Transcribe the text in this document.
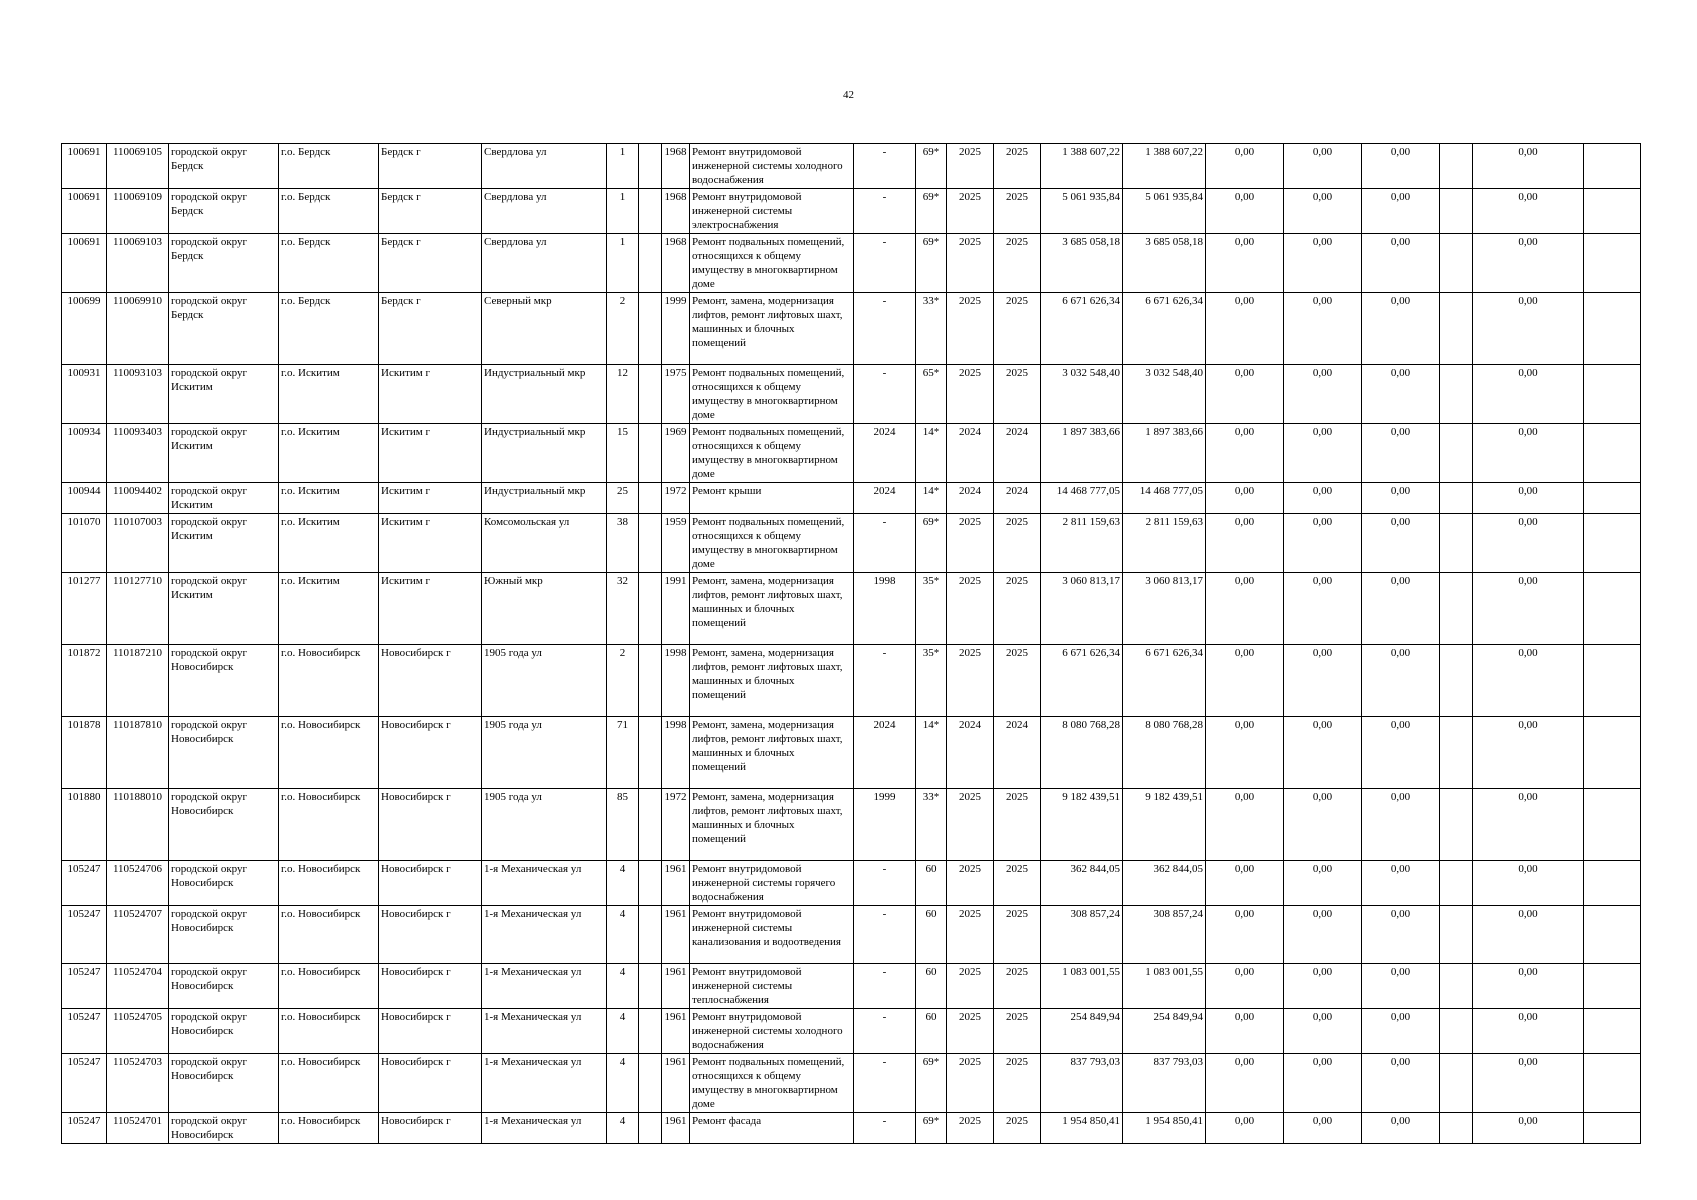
42
100691	110069105	городской округ Бердск	г.о. Бердск	Бердск г	Свердлова ул	1		1968	Ремонт внутридомовой инженерной системы холодного водоснабжения	-	69*	2025	2025	1 388 607,22	1 388 607,22	0,00	0,00	0,00		0,00	
100691	110069109	городской округ Бердск	г.о. Бердск	Бердск г	Свердлова ул	1		1968	Ремонт внутридомовой инженерной системы электроснабжения	-	69*	2025	2025	5 061 935,84	5 061 935,84	0,00	0,00	0,00		0,00	
100691	110069103	городской округ Бердск	г.о. Бердск	Бердск г	Свердлова ул	1		1968	Ремонт подвальных помещений, относящихся к общему имуществу в многоквартирном доме	-	69*	2025	2025	3 685 058,18	3 685 058,18	0,00	0,00	0,00		0,00	
100699	110069910	городской округ Бердск	г.о. Бердск	Бердск г	Северный мкр	2		1999	Ремонт, замена, модернизация лифтов, ремонт лифтовых шахт, машинных и блочных помещений	-	33*	2025	2025	6 671 626,34	6 671 626,34	0,00	0,00	0,00		0,00	
100931	110093103	городской округ Искитим	г.о. Искитим	Искитим г	Индустриальный мкр	12		1975	Ремонт подвальных помещений, относящихся к общему имуществу в многоквартирном доме	-	65*	2025	2025	3 032 548,40	3 032 548,40	0,00	0,00	0,00		0,00	
100934	110093403	городской округ Искитим	г.о. Искитим	Искитим г	Индустриальный мкр	15		1969	Ремонт подвальных помещений, относящихся к общему имуществу в многоквартирном доме	2024	14*	2024	2024	1 897 383,66	1 897 383,66	0,00	0,00	0,00		0,00	
100944	110094402	городской округ Искитим	г.о. Искитим	Искитим г	Индустриальный мкр	25		1972	Ремонт крыши	2024	14*	2024	2024	14 468 777,05	14 468 777,05	0,00	0,00	0,00		0,00	
101070	110107003	городской округ Искитим	г.о. Искитим	Искитим г	Комсомольская ул	38		1959	Ремонт подвальных помещений, относящихся к общему имуществу в многоквартирном доме	-	69*	2025	2025	2 811 159,63	2 811 159,63	0,00	0,00	0,00		0,00	
101277	110127710	городской округ Искитим	г.о. Искитим	Искитим г	Южный мкр	32		1991	Ремонт, замена, модернизация лифтов, ремонт лифтовых шахт, машинных и блочных помещений	1998	35*	2025	2025	3 060 813,17	3 060 813,17	0,00	0,00	0,00		0,00	
101872	110187210	городской округ Новосибирск	г.о. Новосибирск	Новосибирск г	1905 года ул	2		1998	Ремонт, замена, модернизация лифтов, ремонт лифтовых шахт, машинных и блочных помещений	-	35*	2025	2025	6 671 626,34	6 671 626,34	0,00	0,00	0,00		0,00	
101878	110187810	городской округ Новосибирск	г.о. Новосибирск	Новосибирск г	1905 года ул	71		1998	Ремонт, замена, модернизация лифтов, ремонт лифтовых шахт, машинных и блочных помещений	2024	14*	2024	2024	8 080 768,28	8 080 768,28	0,00	0,00	0,00		0,00	
101880	110188010	городской округ Новосибирск	г.о. Новосибирск	Новосибирск г	1905 года ул	85		1972	Ремонт, замена, модернизация лифтов, ремонт лифтовых шахт, машинных и блочных помещений	1999	33*	2025	2025	9 182 439,51	9 182 439,51	0,00	0,00	0,00		0,00	
105247	110524706	городской округ Новосибирск	г.о. Новосибирск	Новосибирск г	1-я Механическая ул	4		1961	Ремонт внутридомовой инженерной системы горячего водоснабжения	-	60	2025	2025	362 844,05	362 844,05	0,00	0,00	0,00		0,00	
105247	110524707	городской округ Новосибирск	г.о. Новосибирск	Новосибирск г	1-я Механическая ул	4		1961	Ремонт внутридомовой инженерной системы канализования и водоотведения	-	60	2025	2025	308 857,24	308 857,24	0,00	0,00	0,00		0,00	
105247	110524704	городской округ Новосибирск	г.о. Новосибирск	Новосибирск г	1-я Механическая ул	4		1961	Ремонт внутридомовой инженерной системы теплоснабжения	-	60	2025	2025	1 083 001,55	1 083 001,55	0,00	0,00	0,00		0,00	
105247	110524705	городской округ Новосибирск	г.о. Новосибирск	Новосибирск г	1-я Механическая ул	4		1961	Ремонт внутридомовой инженерной системы холодного водоснабжения	-	60	2025	2025	254 849,94	254 849,94	0,00	0,00	0,00		0,00	
105247	110524703	городской округ Новосибирск	г.о. Новосибирск	Новосибирск г	1-я Механическая ул	4		1961	Ремонт подвальных помещений, относящихся к общему имуществу в многоквартирном доме	-	69*	2025	2025	837 793,03	837 793,03	0,00	0,00	0,00		0,00	
105247	110524701	городской округ Новосибирск	г.о. Новосибирск	Новосибирск г	1-я Механическая ул	4		1961	Ремонт фасада	-	69*	2025	2025	1 954 850,41	1 954 850,41	0,00	0,00	0,00		0,00	
